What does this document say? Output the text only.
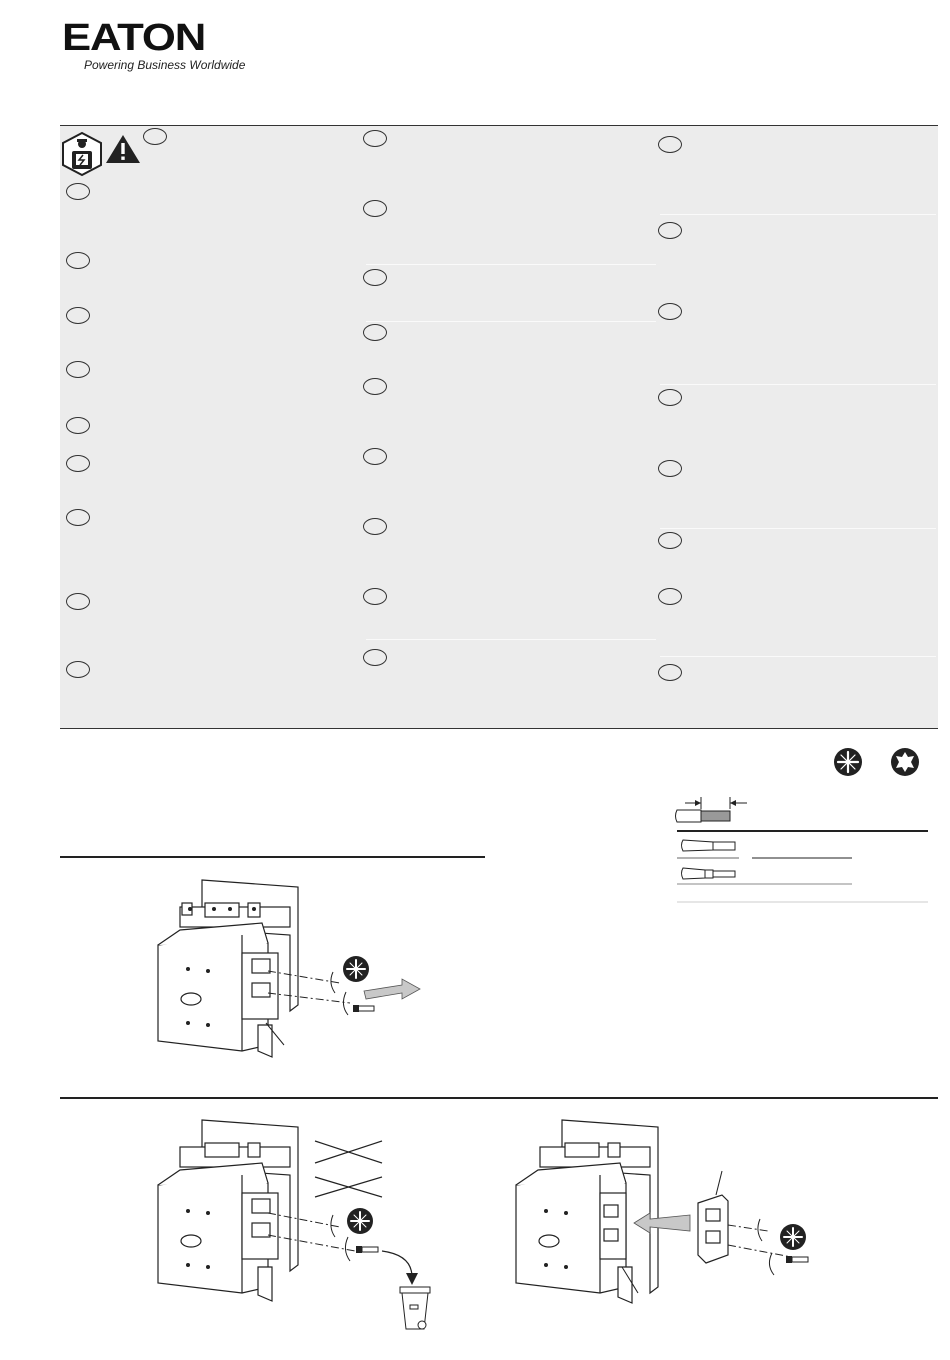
EATON
Powering Business Worldwide
